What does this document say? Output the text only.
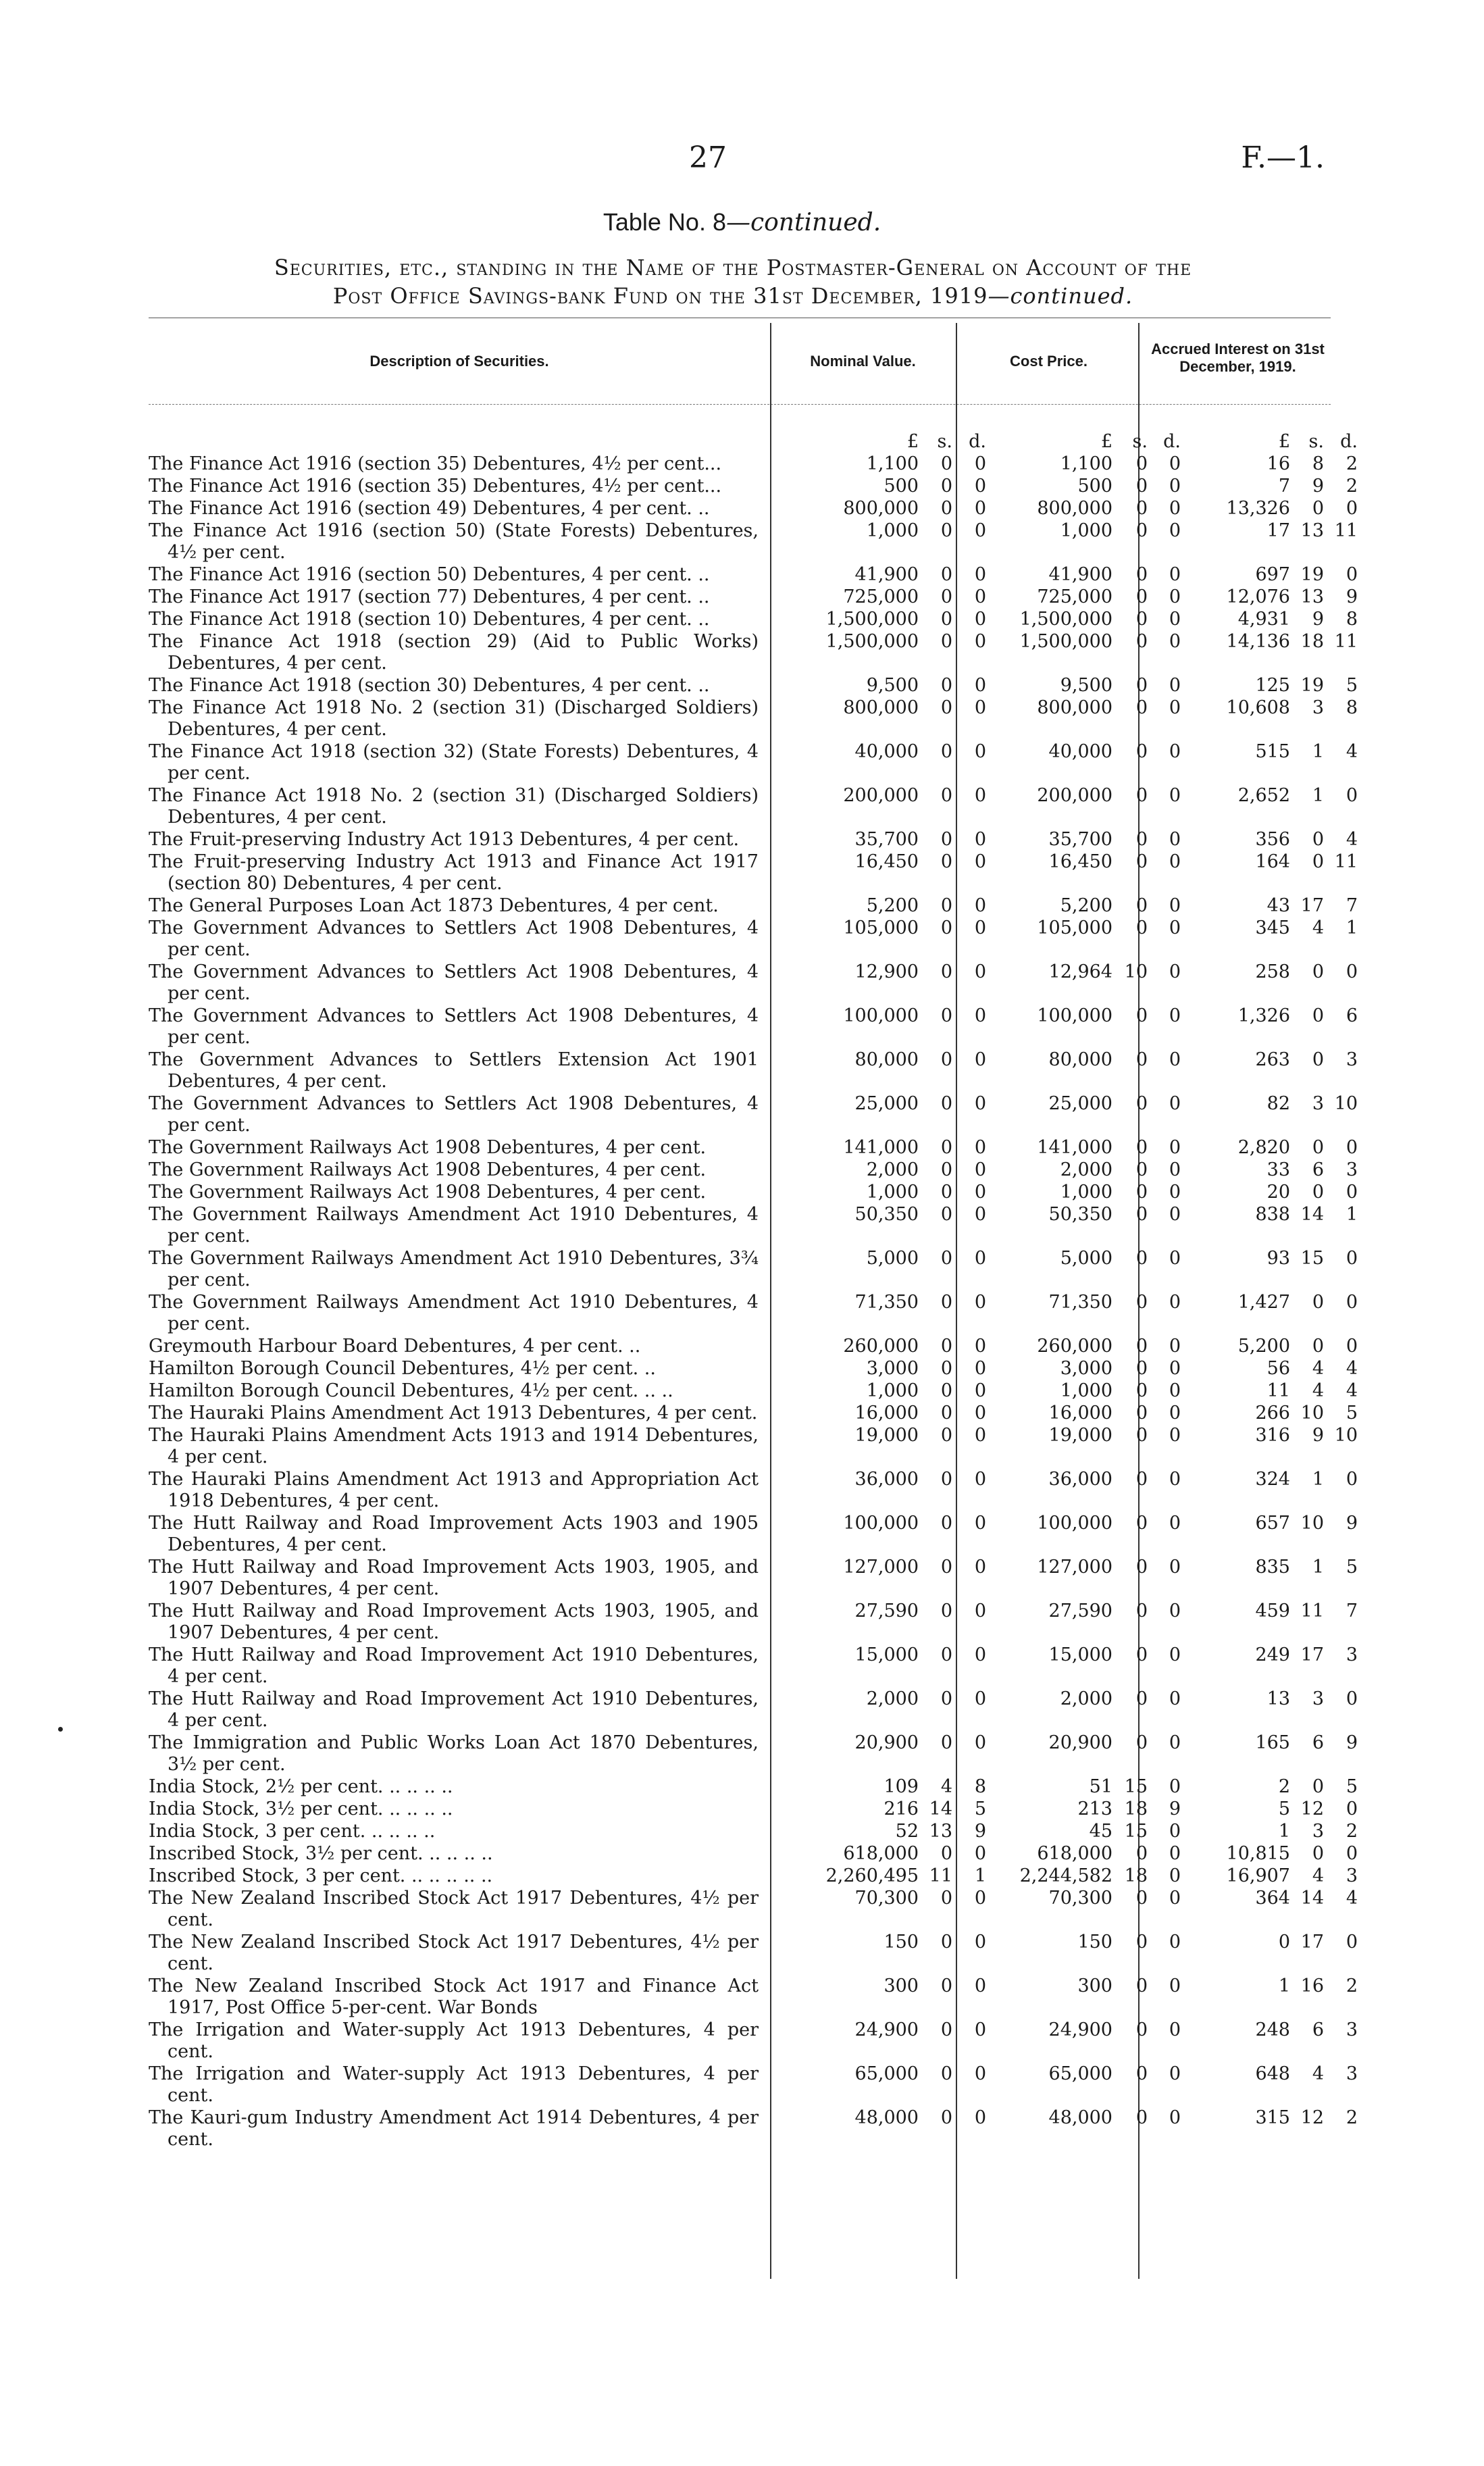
27	F.—1.
Table No. 8—continued.
Securities, etc., standing in the Name of the Postmaster-General on Account of the
Post Office Savings-bank Fund on the 31st December, 1919—continued.
Description of Securities.	Nominal Value.	Cost Price.
Accrued Interest on 31st December, 1919.
£	s. d.	£	s. d.	£	s. d.
The Finance Act 1916 (section 35) Debentures, 4½ per cent...	1,100	0	0	1,100	0	0	16	8	2
The Finance Act 1916 (section 35) Debentures, 4½ per cent...	500	0	0	500	0	0	7	9	2
The Finance Act 1916 (section 49) Debentures, 4 per cent. ..	800,000	0	0	800,000	0	0	13,326	0	0
The Finance Act 1916 (section 50) (State Forests) Debentures, 4½ per cent.
1,000	0	0	1,000	0	0	17 13 11
The Finance Act 1916 (section 50) Debentures, 4 per cent. ..	41,900	0	0	41,900	0	0	697 19	0
The Finance Act 1917 (section 77) Debentures, 4 per cent. ..	725,000	0	0	725,000	0	0	12,076 13	9
The Finance Act 1918 (section 10) Debentures, 4 per cent. ..	1,500,000	0	0	1,500,000	0	0	4,931	9	8
The Finance Act 1918 (section 29) (Aid to Public Works) Debentures, 4 per cent.
1,500,000	0	0	1,500,000	0	0	14,136 18 11
The Finance Act 1918 (section 30) Debentures, 4 per cent. ..	9,500	0	0	9,500	0	0	125 19	5
The Finance Act 1918 No. 2 (section 31) (Discharged Soldiers) Debentures, 4 per cent.
800,000	0	0	800,000	0	0	10,608	3	8
The Finance Act 1918 (section 32) (State Forests) Debentures, 4 per cent.
40,000	0	0	40,000	0	0	515	1	4
The Finance Act 1918 No. 2 (section 31) (Discharged Soldiers) Debentures, 4 per cent.
200,000	0	0	200,000	0	0	2,652	1	0
The Fruit-preserving Industry Act 1913 Debentures, 4 per cent.	35,700	0	0	35,700	0	0	356	0	4
The Fruit-preserving Industry Act 1913 and Finance Act 1917 (section 80) Debentures, 4 per cent.
16,450	0	0	16,450	0	0	164	0 11
The General Purposes Loan Act 1873 Debentures, 4 per cent.	5,200	0	0	5,200	0	0	43 17	7
The Government Advances to Settlers Act 1908 Debentures, 4 per cent.
105,000	0	0	105,000	0	0	345	4	1
The Government Advances to Settlers Act 1908 Debentures, 4 per cent.
12,900	0	0	12,964 10	0	258	0	0
The Government Advances to Settlers Act 1908 Debentures, 4 per cent.
100,000	0	0	100,000	0	0	1,326	0	6
The Government Advances to Settlers Extension Act 1901 Debentures, 4 per cent.
80,000	0	0	80,000	0	0	263	0	3
The Government Advances to Settlers Act 1908 Debentures, 4 per cent.
25,000	0	0	25,000	0	0	82	3 10
The Government Railways Act 1908 Debentures, 4 per cent.	141,000	0	0	141,000	0	0	2,820	0	0
The Government Railways Act 1908 Debentures, 4 per cent.	2,000	0	0	2,000	0	0	33	6	3
The Government Railways Act 1908 Debentures, 4 per cent.	1,000	0	0	1,000	0	0	20	0	0
The Government Railways Amendment Act 1910 Debentures, 4 per cent.
50,350	0	0	50,350	0	0	838 14	1
The Government Railways Amendment Act 1910 Debentures, 3¾ per cent.
5,000	0	0	5,000	0	0	93 15	0
The Government Railways Amendment Act 1910 Debentures, 4 per cent.
71,350	0	0	71,350	0	0	1,427	0	0
Greymouth Harbour Board Debentures, 4 per cent. ..	260,000	0	0	260,000	0	0	5,200	0	0
Hamilton Borough Council Debentures, 4½ per cent. ..	3,000	0	0	3,000	0	0	56	4	4
Hamilton Borough Council Debentures, 4½ per cent. .. ..	1,000	0	0	1,000	0	0	11	4	4
The Hauraki Plains Amendment Act 1913 Debentures, 4 per cent.	16,000	0	0	16,000	0	0	266 10	5
The Hauraki Plains Amendment Acts 1913 and 1914 Debentures, 4 per cent.
19,000	0	0	19,000	0	0	316	9 10
The Hauraki Plains Amendment Act 1913 and Appropriation Act 1918 Debentures, 4 per cent.
36,000	0	0	36,000	0	0	324	1	0
The Hutt Railway and Road Improvement Acts 1903 and 1905 Debentures, 4 per cent.
100,000	0	0	100,000	0	0	657 10	9
The Hutt Railway and Road Improvement Acts 1903, 1905, and 1907 Debentures, 4 per cent.
127,000	0	0	127,000	0	0	835	1	5
The Hutt Railway and Road Improvement Acts 1903, 1905, and 1907 Debentures, 4 per cent.
27,590	0	0	27,590	0	0	459 11	7
The Hutt Railway and Road Improvement Act 1910 Debentures, 4 per cent.
15,000	0	0	15,000	0	0	249 17	3
The Hutt Railway and Road Improvement Act 1910 Debentures, 4 per cent.
2,000	0	0	2,000	0	0	13	3	0
The Immigration and Public Works Loan Act 1870 Debentures, 3½ per cent.
20,900	0	0	20,900	0	0	165	6	9
India Stock, 2½ per cent. .. .. .. ..	109	4	8	51 15	0	2	0	5
India Stock, 3½ per cent. .. .. .. ..	216 14	5	213 18	9	5 12	0
India Stock, 3 per cent. .. .. .. ..	52 13	9	45 15	0	1	3	2
Inscribed Stock, 3½ per cent. .. .. .. ..	618,000	0	0	618,000	0	0	10,815	0	0
Inscribed Stock, 3 per cent. .. .. .. .. ..	2,260,495 11	1	2,244,582 18	0	16,907	4	3
The New Zealand Inscribed Stock Act 1917 Debentures, 4½ per cent.
70,300	0	0	70,300	0	0	364 14	4
The New Zealand Inscribed Stock Act 1917 Debentures, 4½ per cent.
150	0	0	150	0	0	0 17	0
The New Zealand Inscribed Stock Act 1917 and Finance Act 1917, Post Office 5-per-cent. War Bonds
300	0	0	300	0	0	1 16	2
The Irrigation and Water-supply Act 1913 Debentures, 4 per cent.
24,900	0	0	24,900	0	0	248	6	3
The Irrigation and Water-supply Act 1913 Debentures, 4 per cent.
65,000	0	0	65,000	0	0	648	4	3
The Kauri-gum Industry Amendment Act 1914 Debentures, 4 per cent.
48,000	0	0	48,000	0	0	315 12	2
